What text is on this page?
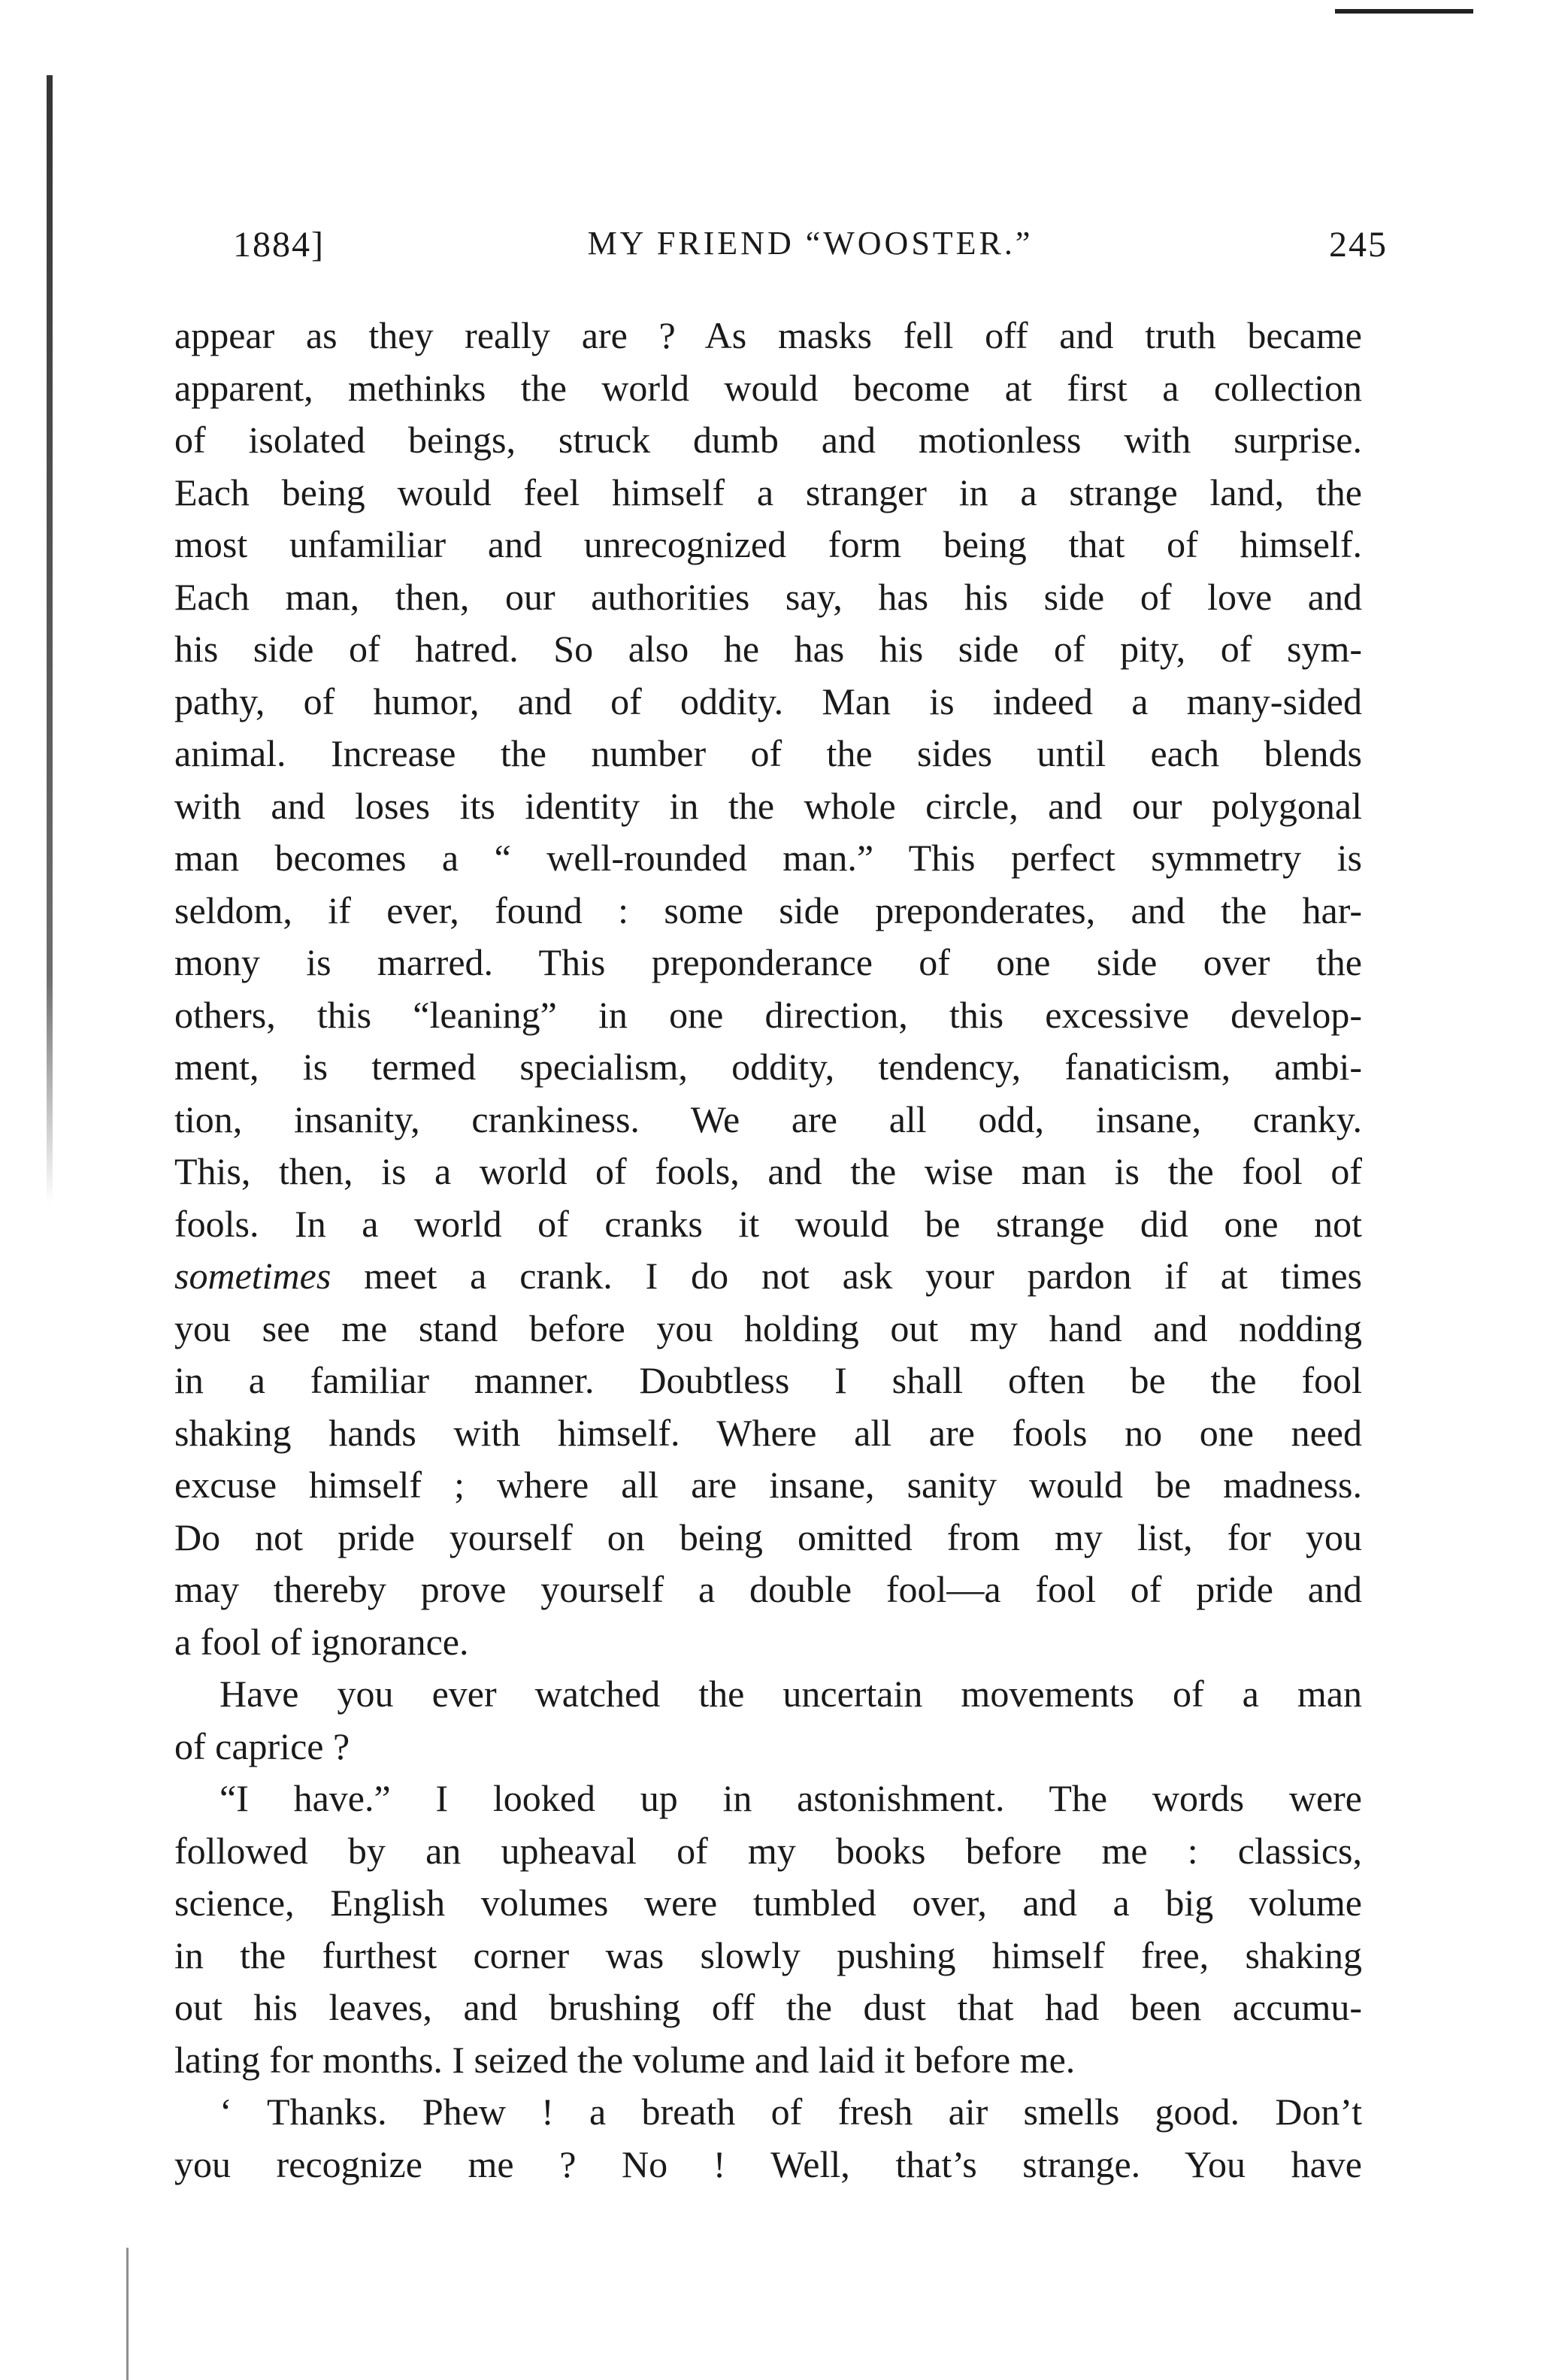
1884]	MY FRIEND “WOOSTER.”	245
appear as they really are ? As masks fell off and truth became
apparent, methinks the world would become at first a collection
of isolated beings, struck dumb and motionless with surprise.
Each being would feel himself a stranger in a strange land, the
most unfamiliar and unrecognized form being that of himself.
Each man, then, our authorities say, has his side of love and
his side of hatred. So also he has his side of pity, of sym-
pathy, of humor, and of oddity. Man is indeed a many-sided
animal. Increase the number of the sides until each blends
with and loses its identity in the whole circle, and our polygonal
man becomes a “ well-rounded man.” This perfect symmetry is
seldom, if ever, found : some side preponderates, and the har-
mony is marred. This preponderance of one side over the
others, this “leaning” in one direction, this excessive develop-
ment, is termed specialism, oddity, tendency, fanaticism, ambi-
tion, insanity, crankiness. We are all odd, insane, cranky.
This, then, is a world of fools, and the wise man is the fool of
fools. In a world of cranks it would be strange did one not
sometimes meet a crank. I do not ask your pardon if at times
you see me stand before you holding out my hand and nodding
in a familiar manner. Doubtless I shall often be the fool
shaking hands with himself. Where all are fools no one need
excuse himself ; where all are insane, sanity would be madness.
Do not pride yourself on being omitted from my list, for you
may thereby prove yourself a double fool—a fool of pride and
a fool of ignorance.
Have you ever watched the uncertain movements of a man
of caprice ?
“I have.” I looked up in astonishment. The words were
followed by an upheaval of my books before me : classics,
science, English volumes were tumbled over, and a big volume
in the furthest corner was slowly pushing himself free, shaking
out his leaves, and brushing off the dust that had been accumu-
lating for months. I seized the volume and laid it before me.
‘ Thanks. Phew ! a breath of fresh air smells good. Don’t
you recognize me ? No ! Well, that’s strange. You have
